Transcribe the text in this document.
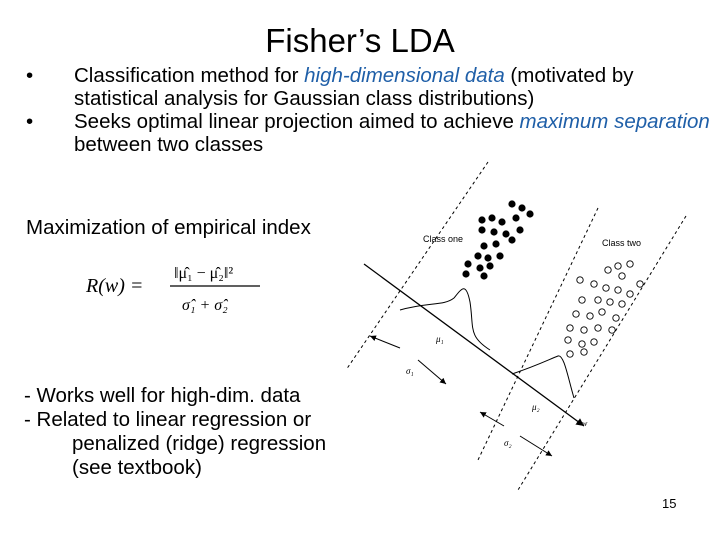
Fisher’s LDA
• Classification method for high-dimensional data (motivated by statistical analysis for Gaussian class distributions)
• Seeks optimal linear projection aimed to achieve maximum separation between two classes
Maximization of empirical index
R(w) =
‖μ̂₁ − μ̂₂‖²
σ̂₁ + σ̂₂
- Works well for high-dim. data
- Related to linear regression or
penalized (ridge) regression
(see textbook)
Class one	Class two
μ₁
μ₂
σ₁
σ₂
w
15
